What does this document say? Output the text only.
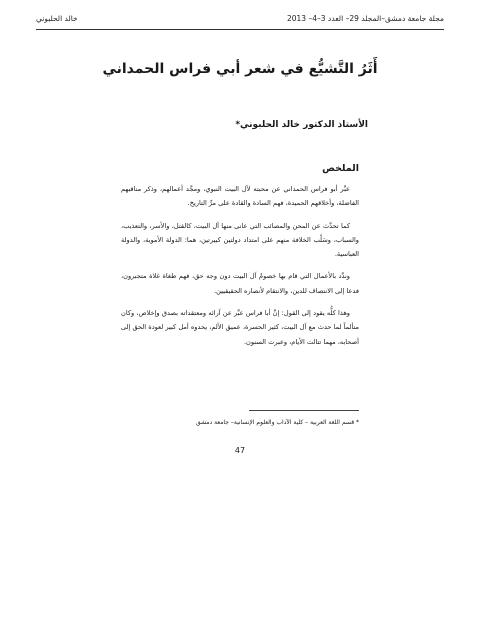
مجلة جامعة دمشق–المجلد 29– العدد 3–4– 2013
خالد الحلبوني
أَثَرُ التَّشيُّع في شعر أبي فراس الحمداني
الأستاذ الدكتور خالد الحلبوني*
الملخص

عبَّر أبو فراس الحمداني عن محبته لآل البيت النبوي، ومجَّد أعمالهم، وذكر مناقبهم الفاضلة، وأخلاقهم الحميدة، فهم السادة والقادة على مرِّ التاريخ.

كما تحدَّث عن المحن والمصائب التي عانى منها آل البيت، كالقتل، والأسر، والتعذيب، والسباب، وسَلْب الخلافة منهم على امتداد دولتين كبيرتين، هما: الدولة الأموية، والدولة العباسية.

وندَّد بالأعمال التي قام بها خصومُ آل البيت دون وجه حق، فهم طغاة غلاة متجبرون، فدعا إلى الانتصاف للدين، والانتقام لأنصاره الحقيقيين.

وهذا كلُّه يقود إلى القول: إنَّ أبا فراس عبَّر عن آرائه ومعتقداته بصدق وإخلاص، وكان متألماً لما حدث مع آل البيت، كثير الحسرة، عميق الألم، يحدوه أمل كبير لعودة الحق إلى أصحابه، مهما تتالت الأيام، وعبرت السنون.

* قسم اللغة العربية – كلية الآداب والعلوم الإنسانية– جامعة دمشق
47
